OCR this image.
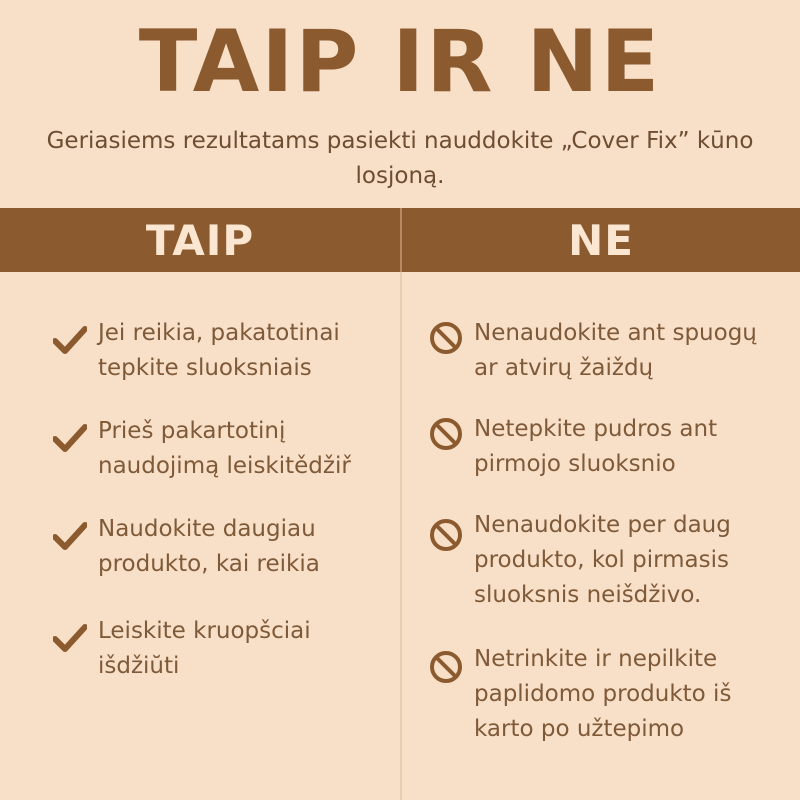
TAIP IR NE
Geriasiems rezultatams pasiekti nauddokite „Cover Fix” kūno losjoną.
TAIP	NE
Jei reikia, pakatotinai
tepkite sluoksniais
Prieš pakartotinį
naudojimą leiskitědžiř
Naudokite daugiau
produkto, kai reikia
Leiskite kruopšciai
išdžiŭti
Nenaudokite ant spuogų
ar atvirų žaiždų
Netepkite pudros ant
pirmojo sluoksnio
Nenaudokite per daug
produkto, kol pirmasis
sluoksnis neišdživo.
Netrinkite ir nepilkite
paplidomo produkto iš
karto po užtepimo
